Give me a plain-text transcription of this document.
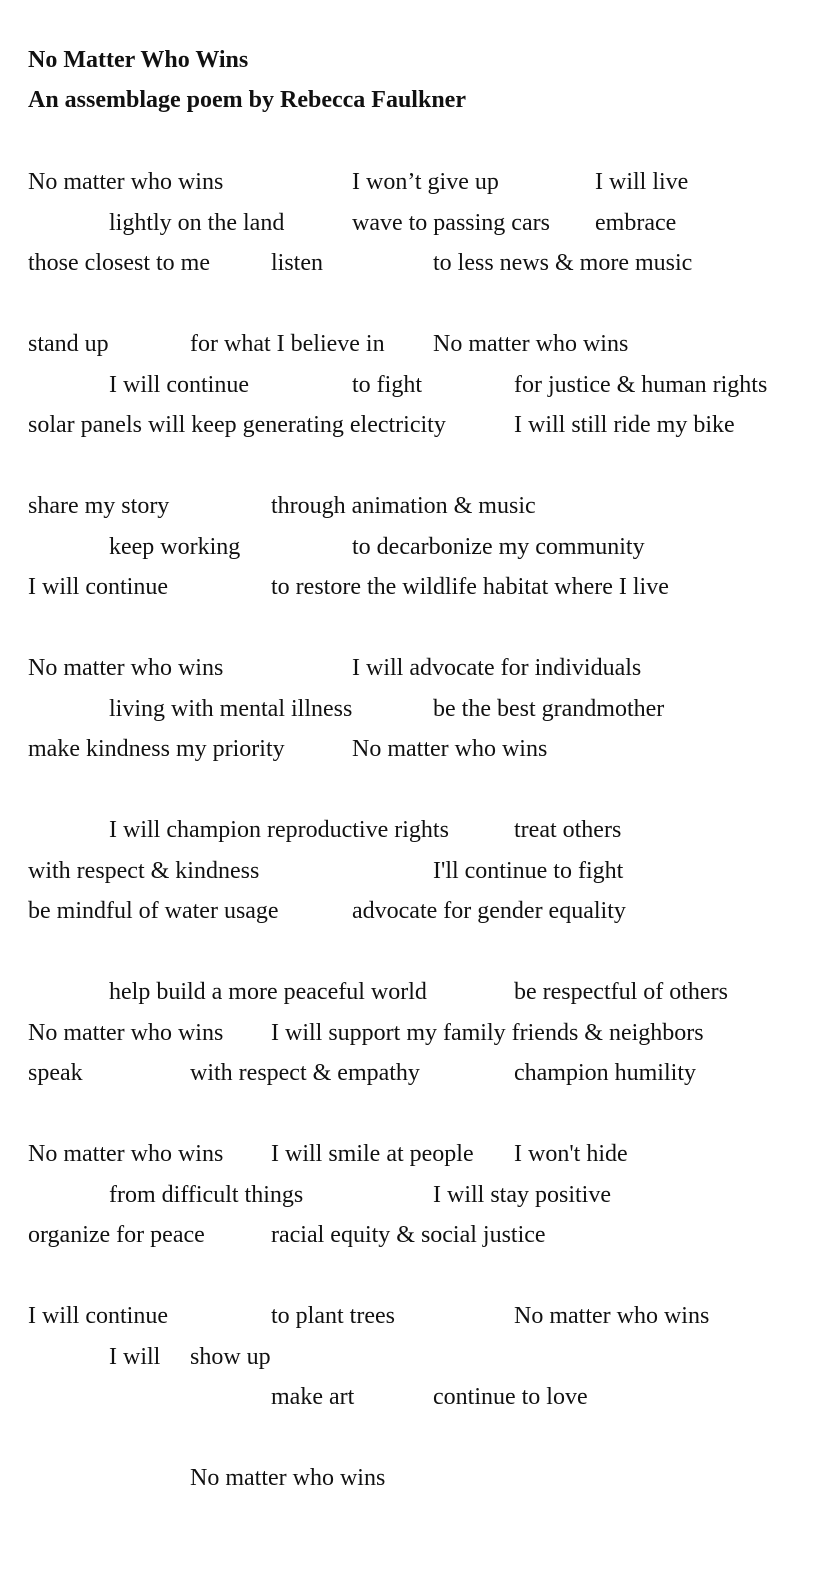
No Matter Who Wins
An assemblage poem by Rebecca Faulkner
No matter who wins	I won’t give up	I will live
lightly on the land	wave to passing cars embrace
those closest to me	listen	to less news & more music
stand up	for what I believe in No matter who wins
I will continue	to fight	for justice & human rights
solar panels will keep generating electricity	I will still ride my bike
share my story	through animation & music
keep working	to decarbonize my community
I will continue	to restore the wildlife habitat where I live
No matter who wins	I will advocate for individuals
living with mental illness	be the best grandmother
make kindness my priority	No matter who wins
I will champion reproductive rights	treat others
with respect & kindness	I'll continue to fight
be mindful of water usage	advocate for gender equality
help build a more peaceful world	be respectful of others
No matter who wins I will support my family friends & neighbors
speak	with respect & empathy	champion humility
No matter who wins I will smile at people I won't hide
from difficult things	I will stay positive
organize for peace	racial equity & social justice
I will continue	to plant trees	No matter who wins
I will show up
make art	continue to love
No matter who wins
